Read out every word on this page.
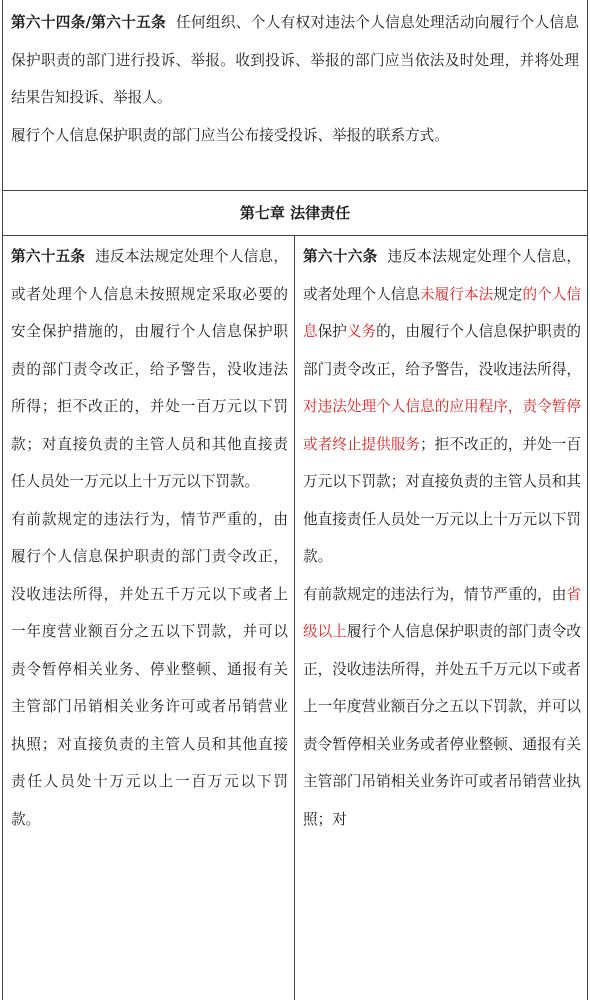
第六十四条/第六十五条 任何组织、个人有权对违法个人信息处理活动向履行个人信息保护职责的部门进行投诉、举报。收到投诉、举报的部门应当依法及时处理，并将处理结果告知投诉、举报人。

履行个人信息保护职责的部门应当公布接受投诉、举报的联系方式。

第七章 法律责任

第六十五条 违反本法规定处理个人信息，或者处理个人信息未按照规定采取必要的安全保护措施的，由履行个人信息保护职责的部门责令改正，给予警告，没收违法所得；拒不改正的，并处一百万元以下罚款；对直接负责的主管人员和其他直接责任人员处一万元以上十万元以下罚款。

有前款规定的违法行为，情节严重的，由履行个人信息保护职责的部门责令改正，没收违法所得，并处五千万元以下或者上一年度营业额百分之五以下罚款，并可以责令暂停相关业务、停业整顿、通报有关主管部门吊销相关业务许可或者吊销营业执照；对直接负责的主管人员和其他直接责任人员处十万元以上一百万元以下罚款。

第六十六条 违反本法规定处理个人信息，或者处理个人信息未履行本法规定的个人信息保护义务的，由履行个人信息保护职责的部门责令改正，给予警告，没收违法所得，对违法处理个人信息的应用程序，责令暂停或者终止提供服务；拒不改正的，并处一百万元以下罚款；对直接负责的主管人员和其他直接责任人员处一万元以上十万元以下罚款。

有前款规定的违法行为，情节严重的，由省级以上履行个人信息保护职责的部门责令改正，没收违法所得，并处五千万元以下或者上一年度营业额百分之五以下罚款，并可以责令暂停相关业务或者停业整顿、通报有关主管部门吊销相关业务许可或者吊销营业执照；对
